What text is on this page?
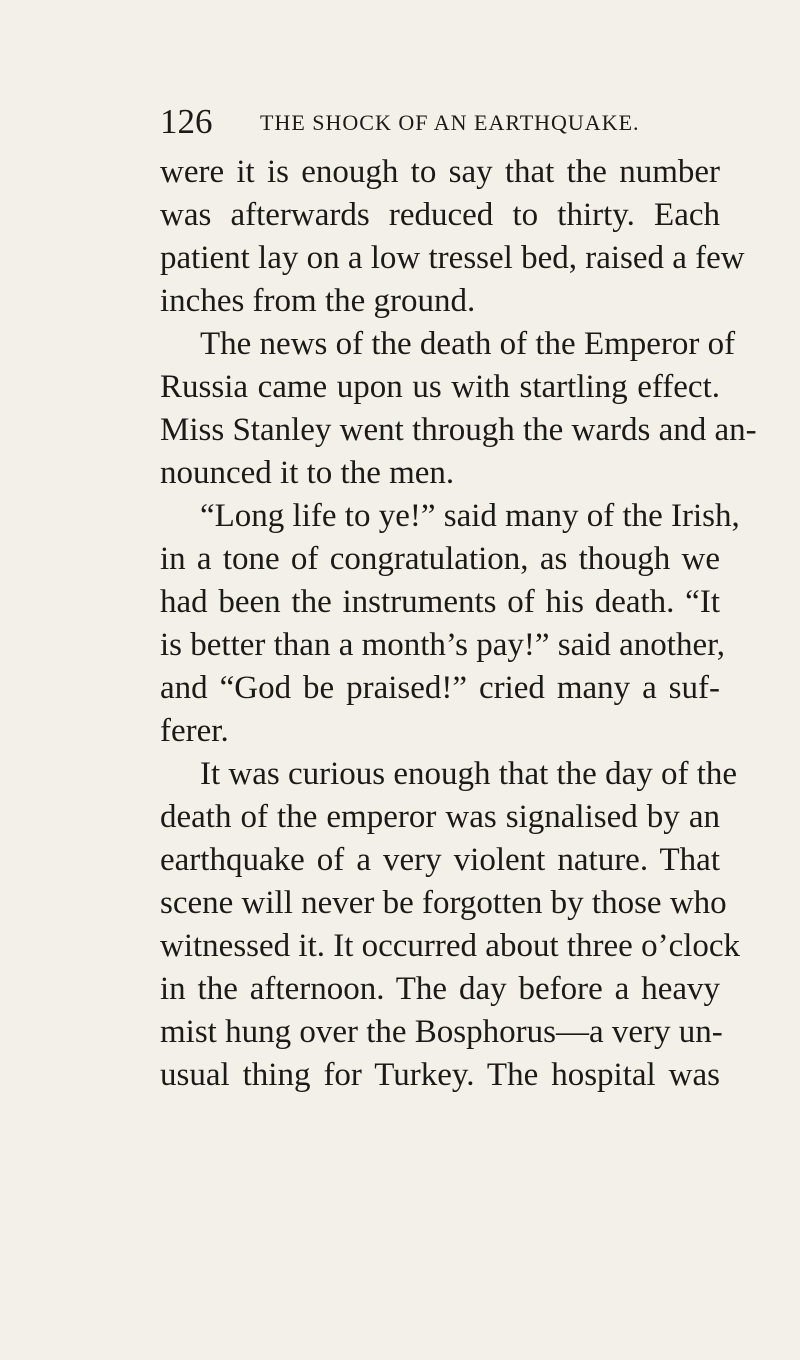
126 THE SHOCK OF AN EARTHQUAKE.
were it is enough to say that the number
was afterwards reduced to thirty. Each
patient lay on a low tressel bed, raised a few
inches from the ground.
The news of the death of the Emperor of
Russia came upon us with startling effect.
Miss Stanley went through the wards and an-
nounced it to the men.
“Long life to ye!” said many of the Irish,
in a tone of congratulation, as though we
had been the instruments of his death. “It
is better than a month’s pay!” said another,
and “God be praised!” cried many a suf-
ferer.
It was curious enough that the day of the
death of the emperor was signalised by an
earthquake of a very violent nature. That
scene will never be forgotten by those who
witnessed it. It occurred about three o’clock
in the afternoon. The day before a heavy
mist hung over the Bosphorus—a very un-
usual thing for Turkey. The hospital was
